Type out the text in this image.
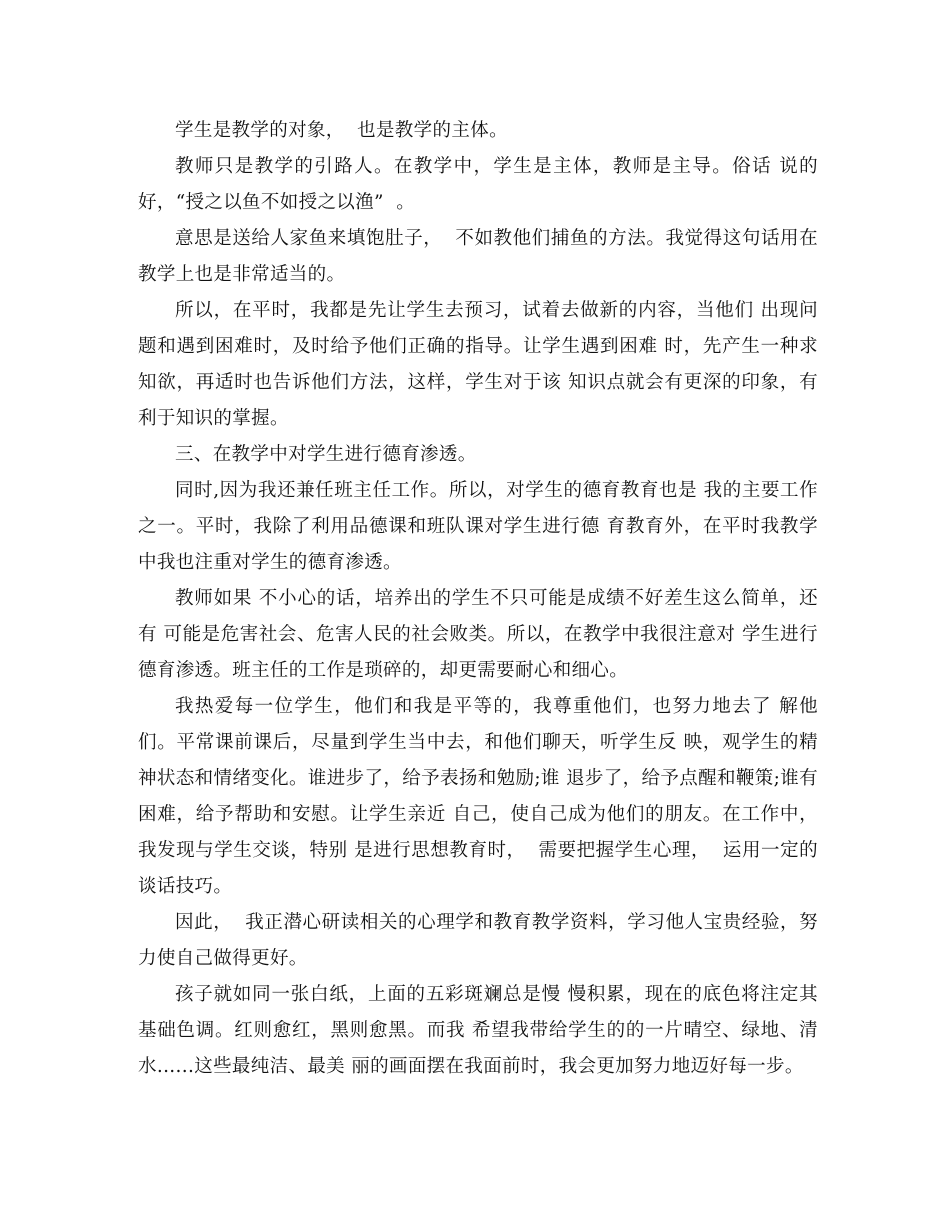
学生是教学的对象，  也是教学的主体。

教师只是教学的引路人。在教学中，学生是主体，教师是主导。俗话 说的好，“授之以鱼不如授之以渔”  。

意思是送给人家鱼来填饱肚子，  不如教他们捕鱼的方法。我觉得这句话用在教学上也是非常适当的。

所以，在平时，我都是先让学生去预习，试着去做新的内容，当他们 出现问题和遇到困难时，及时给予他们正确的指导。让学生遇到困难 时，先产生一种求知欲，再适时也告诉他们方法，这样，学生对于该 知识点就会有更深的印象，有利于知识的掌握。

三、在教学中对学生进行德育渗透。

同时,因为我还兼任班主任工作。所以，对学生的德育教育也是 我的主要工作之一。平时，我除了利用品德课和班队课对学生进行德 育教育外，在平时我教学中我也注重对学生的德育渗透。

教师如果 不小心的话，培养出的学生不只可能是成绩不好差生这么简单，还有 可能是危害社会、危害人民的社会败类。所以，在教学中我很注意对 学生进行德育渗透。班主任的工作是琐碎的，却更需要耐心和细心。

我热爱每一位学生，他们和我是平等的，我尊重他们，也努力地去了 解他们。平常课前课后，尽量到学生当中去，和他们聊天，听学生反 映，观学生的精神状态和情绪变化。谁进步了，给予表扬和勉励;谁 退步了，给予点醒和鞭策;谁有困难，给予帮助和安慰。让学生亲近 自己，使自己成为他们的朋友。在工作中，我发现与学生交谈，特别 是进行思想教育时，  需要把握学生心理，  运用一定的谈话技巧。

因此，  我正潜心研读相关的心理学和教育教学资料，学习他人宝贵经验，努力使自己做得更好。

孩子就如同一张白纸，上面的五彩斑斓总是慢 慢积累，现在的底色将注定其基础色调。红则愈红，黑则愈黑。而我 希望我带给学生的的一片晴空、绿地、清水......这些最纯洁、最美 丽的画面摆在我面前时，我会更加努力地迈好每一步。
